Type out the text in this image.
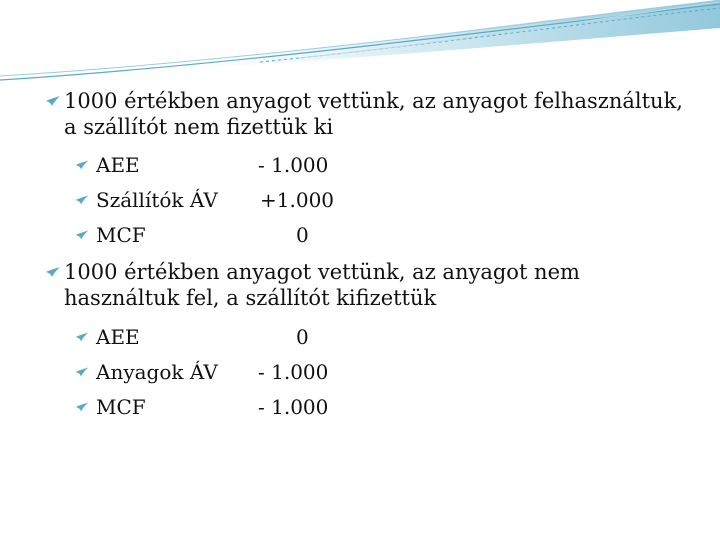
1000 értékben anyagot vettünk, az anyagot felhasználtuk, a szállítót nem fizettük ki
AEE	- 1.000
Szállítók ÁV +1.000
MCF	0
1000 értékben anyagot vettünk, az anyagot nem használtuk fel, a szállítót kifizettük
AEE	0
Anyagok ÁV - 1.000
MCF	- 1.000
